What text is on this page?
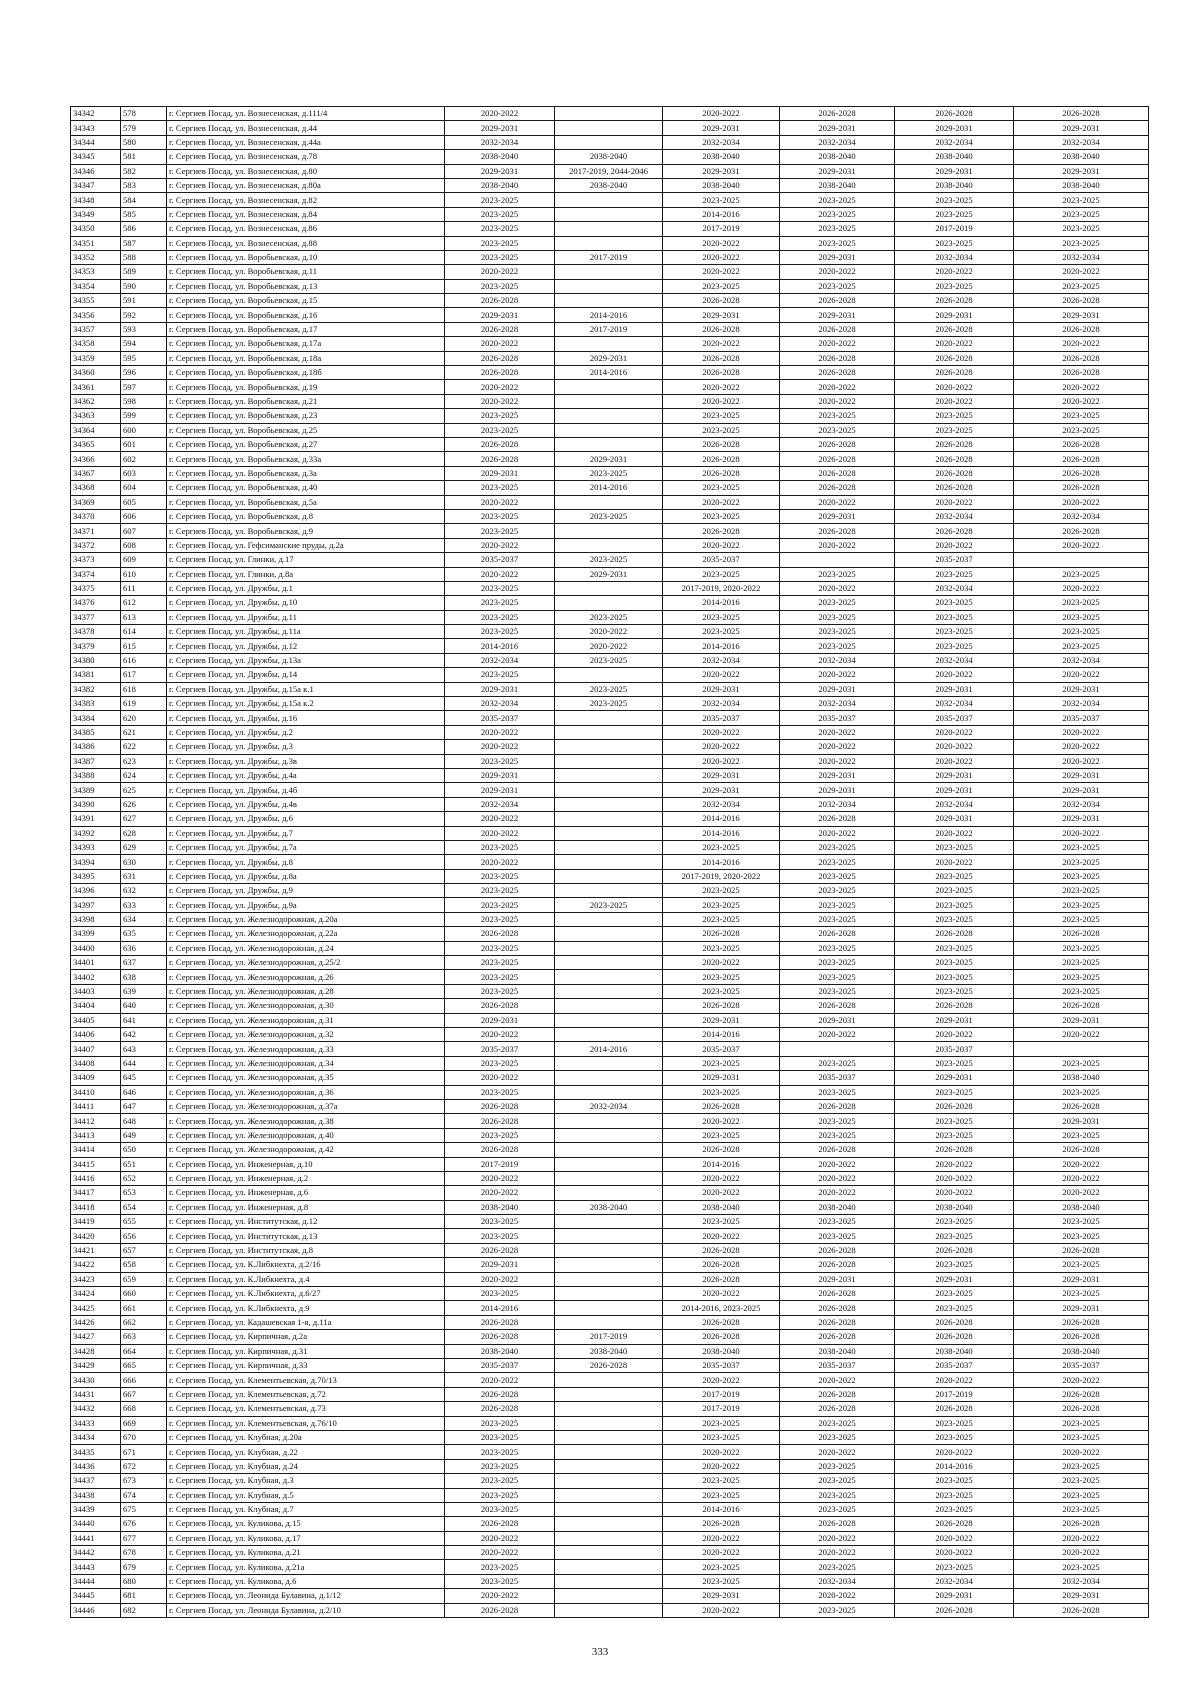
34342	578	г. Сергиев Посад, ул. Вознесенская, д.111/4	2020-2022		2020-2022	2026-2028	2026-2028	2026-2028
34343	579	г. Сергиев Посад, ул. Вознесенская, д.44	2029-2031		2029-2031	2029-2031	2029-2031	2029-2031
34344	580	г. Сергиев Посад, ул. Вознесенская, д.44а	2032-2034		2032-2034	2032-2034	2032-2034	2032-2034
34345	581	г. Сергиев Посад, ул. Вознесенская, д.78	2038-2040	2038-2040	2038-2040	2038-2040	2038-2040	2038-2040
34346	582	г. Сергиев Посад, ул. Вознесенская, д.80	2029-2031	2017-2019, 2044-2046	2029-2031	2029-2031	2029-2031	2029-2031
34347	583	г. Сергиев Посад, ул. Вознесенская, д.80а	2038-2040	2038-2040	2038-2040	2038-2040	2038-2040	2038-2040
34348	584	г. Сергиев Посад, ул. Вознесенская, д.82	2023-2025		2023-2025	2023-2025	2023-2025	2023-2025
34349	585	г. Сергиев Посад, ул. Вознесенская, д.84	2023-2025		2014-2016	2023-2025	2023-2025	2023-2025
34350	586	г. Сергиев Посад, ул. Вознесенская, д.86	2023-2025		2017-2019	2023-2025	2017-2019	2023-2025
34351	587	г. Сергиев Посад, ул. Вознесенская, д.88	2023-2025		2020-2022	2023-2025	2023-2025	2023-2025
34352	588	г. Сергиев Посад, ул. Воробьевская, д.10	2023-2025	2017-2019	2020-2022	2029-2031	2032-2034	2032-2034
34353	589	г. Сергиев Посад, ул. Воробьевская, д.11	2020-2022		2020-2022	2020-2022	2020-2022	2020-2022
34354	590	г. Сергиев Посад, ул. Воробьевская, д.13	2023-2025		2023-2025	2023-2025	2023-2025	2023-2025
34355	591	г. Сергиев Посад, ул. Воробьевская, д.15	2026-2028		2026-2028	2026-2028	2026-2028	2026-2028
34356	592	г. Сергиев Посад, ул. Воробьевская, д.16	2029-2031	2014-2016	2029-2031	2029-2031	2029-2031	2029-2031
34357	593	г. Сергиев Посад, ул. Воробьевская, д.17	2026-2028	2017-2019	2026-2028	2026-2028	2026-2028	2026-2028
34358	594	г. Сергиев Посад, ул. Воробьевская, д.17а	2020-2022		2020-2022	2020-2022	2020-2022	2020-2022
34359	595	г. Сергиев Посад, ул. Воробьевская, д.18а	2026-2028	2029-2031	2026-2028	2026-2028	2026-2028	2026-2028
34360	596	г. Сергиев Посад, ул. Воробьевская, д.18б	2026-2028	2014-2016	2026-2028	2026-2028	2026-2028	2026-2028
34361	597	г. Сергиев Посад, ул. Воробьевская, д.19	2020-2022		2020-2022	2020-2022	2020-2022	2020-2022
34362	598	г. Сергиев Посад, ул. Воробьевская, д.21	2020-2022		2020-2022	2020-2022	2020-2022	2020-2022
34363	599	г. Сергиев Посад, ул. Воробьевская, д.23	2023-2025		2023-2025	2023-2025	2023-2025	2023-2025
34364	600	г. Сергиев Посад, ул. Воробьевская, д.25	2023-2025		2023-2025	2023-2025	2023-2025	2023-2025
34365	601	г. Сергиев Посад, ул. Воробьевская, д.27	2026-2028		2026-2028	2026-2028	2026-2028	2026-2028
34366	602	г. Сергиев Посад, ул. Воробьевская, д.33а	2026-2028	2029-2031	2026-2028	2026-2028	2026-2028	2026-2028
34367	603	г. Сергиев Посад, ул. Воробьевская, д.3а	2029-2031	2023-2025	2026-2028	2026-2028	2026-2028	2026-2028
34368	604	г. Сергиев Посад, ул. Воробьевская, д.40	2023-2025	2014-2016	2023-2025	2026-2028	2026-2028	2026-2028
34369	605	г. Сергиев Посад, ул. Воробьевская, д.5а	2020-2022		2020-2022	2020-2022	2020-2022	2020-2022
34370	606	г. Сергиев Посад, ул. Воробьевская, д.8	2023-2025	2023-2025	2023-2025	2029-2031	2032-2034	2032-2034
34371	607	г. Сергиев Посад, ул. Воробьевская, д.9	2023-2025		2026-2028	2026-2028	2026-2028	2026-2028
34372	608	г. Сергиев Посад, ул. Гефсиманские пруды, д.2а	2020-2022		2020-2022	2020-2022	2020-2022	2020-2022
34373	609	г. Сергиев Посад, ул. Глинки, д.17	2035-2037	2023-2025	2035-2037		2035-2037	
34374	610	г. Сергиев Посад, ул. Глинки, д.8а	2020-2022	2029-2031	2023-2025	2023-2025	2023-2025	2023-2025
34375	611	г. Сергиев Посад, ул. Дружбы, д.1	2023-2025		2017-2019, 2020-2022	2020-2022	2032-2034	2020-2022
34376	612	г. Сергиев Посад, ул. Дружбы, д.10	2023-2025		2014-2016	2023-2025	2023-2025	2023-2025
34377	613	г. Сергиев Посад, ул. Дружбы, д.11	2023-2025	2023-2025	2023-2025	2023-2025	2023-2025	2023-2025
34378	614	г. Сергиев Посад, ул. Дружбы, д.11а	2023-2025	2020-2022	2023-2025	2023-2025	2023-2025	2023-2025
34379	615	г. Сергиев Посад, ул. Дружбы, д.12	2014-2016	2020-2022	2014-2016	2023-2025	2023-2025	2023-2025
34380	616	г. Сергиев Посад, ул. Дружбы, д.13а	2032-2034	2023-2025	2032-2034	2032-2034	2032-2034	2032-2034
34381	617	г. Сергиев Посад, ул. Дружбы, д.14	2023-2025		2020-2022	2020-2022	2020-2022	2020-2022
34382	618	г. Сергиев Посад, ул. Дружбы, д.15а к.1	2029-2031	2023-2025	2029-2031	2029-2031	2029-2031	2029-2031
34383	619	г. Сергиев Посад, ул. Дружбы, д.15а к.2	2032-2034	2023-2025	2032-2034	2032-2034	2032-2034	2032-2034
34384	620	г. Сергиев Посад, ул. Дружбы, д.16	2035-2037		2035-2037	2035-2037	2035-2037	2035-2037
34385	621	г. Сергиев Посад, ул. Дружбы, д.2	2020-2022		2020-2022	2020-2022	2020-2022	2020-2022
34386	622	г. Сергиев Посад, ул. Дружбы, д.3	2020-2022		2020-2022	2020-2022	2020-2022	2020-2022
34387	623	г. Сергиев Посад, ул. Дружбы, д.3в	2023-2025		2020-2022	2020-2022	2020-2022	2020-2022
34388	624	г. Сергиев Посад, ул. Дружбы, д.4а	2029-2031		2029-2031	2029-2031	2029-2031	2029-2031
34389	625	г. Сергиев Посад, ул. Дружбы, д.4б	2029-2031		2029-2031	2029-2031	2029-2031	2029-2031
34390	626	г. Сергиев Посад, ул. Дружбы, д.4в	2032-2034		2032-2034	2032-2034	2032-2034	2032-2034
34391	627	г. Сергиев Посад, ул. Дружбы, д.6	2020-2022		2014-2016	2026-2028	2029-2031	2029-2031
34392	628	г. Сергиев Посад, ул. Дружбы, д.7	2020-2022		2014-2016	2020-2022	2020-2022	2020-2022
34393	629	г. Сергиев Посад, ул. Дружбы, д.7а	2023-2025		2023-2025	2023-2025	2023-2025	2023-2025
34394	630	г. Сергиев Посад, ул. Дружбы, д.8	2020-2022		2014-2016	2023-2025	2020-2022	2023-2025
34395	631	г. Сергиев Посад, ул. Дружбы, д.8а	2023-2025		2017-2019, 2020-2022	2023-2025	2023-2025	2023-2025
34396	632	г. Сергиев Посад, ул. Дружбы, д.9	2023-2025		2023-2025	2023-2025	2023-2025	2023-2025
34397	633	г. Сергиев Посад, ул. Дружбы, д.9а	2023-2025	2023-2025	2023-2025	2023-2025	2023-2025	2023-2025
34398	634	г. Сергиев Посад, ул. Железнодорожная, д.20а	2023-2025		2023-2025	2023-2025	2023-2025	2023-2025
34399	635	г. Сергиев Посад, ул. Железнодорожная, д.22а	2026-2028		2026-2028	2026-2028	2026-2028	2026-2028
34400	636	г. Сергиев Посад, ул. Железнодорожная, д.24	2023-2025		2023-2025	2023-2025	2023-2025	2023-2025
34401	637	г. Сергиев Посад, ул. Железнодорожная, д.25/2	2023-2025		2020-2022	2023-2025	2023-2025	2023-2025
34402	638	г. Сергиев Посад, ул. Железнодорожная, д.26	2023-2025		2023-2025	2023-2025	2023-2025	2023-2025
34403	639	г. Сергиев Посад, ул. Железнодорожная, д.28	2023-2025		2023-2025	2023-2025	2023-2025	2023-2025
34404	640	г. Сергиев Посад, ул. Железнодорожная, д.30	2026-2028		2026-2028	2026-2028	2026-2028	2026-2028
34405	641	г. Сергиев Посад, ул. Железнодорожная, д.31	2029-2031		2029-2031	2029-2031	2029-2031	2029-2031
34406	642	г. Сергиев Посад, ул. Железнодорожная, д.32	2020-2022		2014-2016	2020-2022	2020-2022	2020-2022
34407	643	г. Сергиев Посад, ул. Железнодорожная, д.33	2035-2037	2014-2016	2035-2037		2035-2037	
34408	644	г. Сергиев Посад, ул. Железнодорожная, д.34	2023-2025		2023-2025	2023-2025	2023-2025	2023-2025
34409	645	г. Сергиев Посад, ул. Железнодорожная, д.35	2020-2022		2029-2031	2035-2037	2029-2031	2038-2040
34410	646	г. Сергиев Посад, ул. Железнодорожная, д.36	2023-2025		2023-2025	2023-2025	2023-2025	2023-2025
34411	647	г. Сергиев Посад, ул. Железнодорожная, д.37а	2026-2028	2032-2034	2026-2028	2026-2028	2026-2028	2026-2028
34412	648	г. Сергиев Посад, ул. Железнодорожная, д.38	2026-2028		2020-2022	2023-2025	2023-2025	2029-2031
34413	649	г. Сергиев Посад, ул. Железнодорожная, д.40	2023-2025		2023-2025	2023-2025	2023-2025	2023-2025
34414	650	г. Сергиев Посад, ул. Железнодорожная, д.42	2026-2028		2026-2028	2026-2028	2026-2028	2026-2028
34415	651	г. Сергиев Посад, ул. Инженерная, д.10	2017-2019		2014-2016	2020-2022	2020-2022	2020-2022
34416	652	г. Сергиев Посад, ул. Инженерная, д.2	2020-2022		2020-2022	2020-2022	2020-2022	2020-2022
34417	653	г. Сергиев Посад, ул. Инженерная, д.6	2020-2022		2020-2022	2020-2022	2020-2022	2020-2022
34418	654	г. Сергиев Посад, ул. Инженерная, д.8	2038-2040	2038-2040	2038-2040	2038-2040	2038-2040	2038-2040
34419	655	г. Сергиев Посад, ул. Институтская, д.12	2023-2025		2023-2025	2023-2025	2023-2025	2023-2025
34420	656	г. Сергиев Посад, ул. Институтская, д.13	2023-2025		2020-2022	2023-2025	2023-2025	2023-2025
34421	657	г. Сергиев Посад, ул. Институтская, д.8	2026-2028		2026-2028	2026-2028	2026-2028	2026-2028
34422	658	г. Сергиев Посад, ул. К.Либкнехта, д.2/16	2029-2031		2026-2028	2026-2028	2023-2025	2023-2025
34423	659	г. Сергиев Посад, ул. К.Либкнехта, д.4	2020-2022		2026-2028	2029-2031	2029-2031	2029-2031
34424	660	г. Сергиев Посад, ул. К.Либкнехта, д.6/27	2023-2025		2020-2022	2026-2028	2023-2025	2023-2025
34425	661	г. Сергиев Посад, ул. К.Либкнехта, д.9	2014-2016		2014-2016, 2023-2025	2026-2028	2023-2025	2029-2031
34426	662	г. Сергиев Посад, ул. Кадашевская 1-я, д.11а	2026-2028		2026-2028	2026-2028	2026-2028	2026-2028
34427	663	г. Сергиев Посад, ул. Кирпичная, д.2а	2026-2028	2017-2019	2026-2028	2026-2028	2026-2028	2026-2028
34428	664	г. Сергиев Посад, ул. Кирпичная, д.31	2038-2040	2038-2040	2038-2040	2038-2040	2038-2040	2038-2040
34429	665	г. Сергиев Посад, ул. Кирпичная, д.33	2035-2037	2026-2028	2035-2037	2035-2037	2035-2037	2035-2037
34430	666	г. Сергиев Посад, ул. Клементьевская, д.70/13	2020-2022		2020-2022	2020-2022	2020-2022	2020-2022
34431	667	г. Сергиев Посад, ул. Клементьевская, д.72	2026-2028		2017-2019	2026-2028	2017-2019	2026-2028
34432	668	г. Сергиев Посад, ул. Клементьевская, д.73	2026-2028		2017-2019	2026-2028	2026-2028	2026-2028
34433	669	г. Сергиев Посад, ул. Клементьевская, д.76/10	2023-2025		2023-2025	2023-2025	2023-2025	2023-2025
34434	670	г. Сергиев Посад, ул. Клубная, д.20а	2023-2025		2023-2025	2023-2025	2023-2025	2023-2025
34435	671	г. Сергиев Посад, ул. Клубная, д.22	2023-2025		2020-2022	2020-2022	2020-2022	2020-2022
34436	672	г. Сергиев Посад, ул. Клубная, д.24	2023-2025		2020-2022	2023-2025	2014-2016	2023-2025
34437	673	г. Сергиев Посад, ул. Клубная, д.3	2023-2025		2023-2025	2023-2025	2023-2025	2023-2025
34438	674	г. Сергиев Посад, ул. Клубная, д.5	2023-2025		2023-2025	2023-2025	2023-2025	2023-2025
34439	675	г. Сергиев Посад, ул. Клубная, д.7	2023-2025		2014-2016	2023-2025	2023-2025	2023-2025
34440	676	г. Сергиев Посад, ул. Куликова, д.15	2026-2028		2026-2028	2026-2028	2026-2028	2026-2028
34441	677	г. Сергиев Посад, ул. Куликова, д.17	2020-2022		2020-2022	2020-2022	2020-2022	2020-2022
34442	678	г. Сергиев Посад, ул. Куликова, д.21	2020-2022		2020-2022	2020-2022	2020-2022	2020-2022
34443	679	г. Сергиев Посад, ул. Куликова, д.21а	2023-2025		2023-2025	2023-2025	2023-2025	2023-2025
34444	680	г. Сергиев Посад, ул. Куликова, д.6	2023-2025		2023-2025	2032-2034	2032-2034	2032-2034
34445	681	г. Сергиев Посад, ул. Леонида Булавина, д.1/12	2020-2022		2029-2031	2020-2022	2029-2031	2029-2031
34446	682	г. Сергиев Посад, ул. Леонида Булавина, д.2/10	2026-2028		2020-2022	2023-2025	2026-2028	2026-2028
333
